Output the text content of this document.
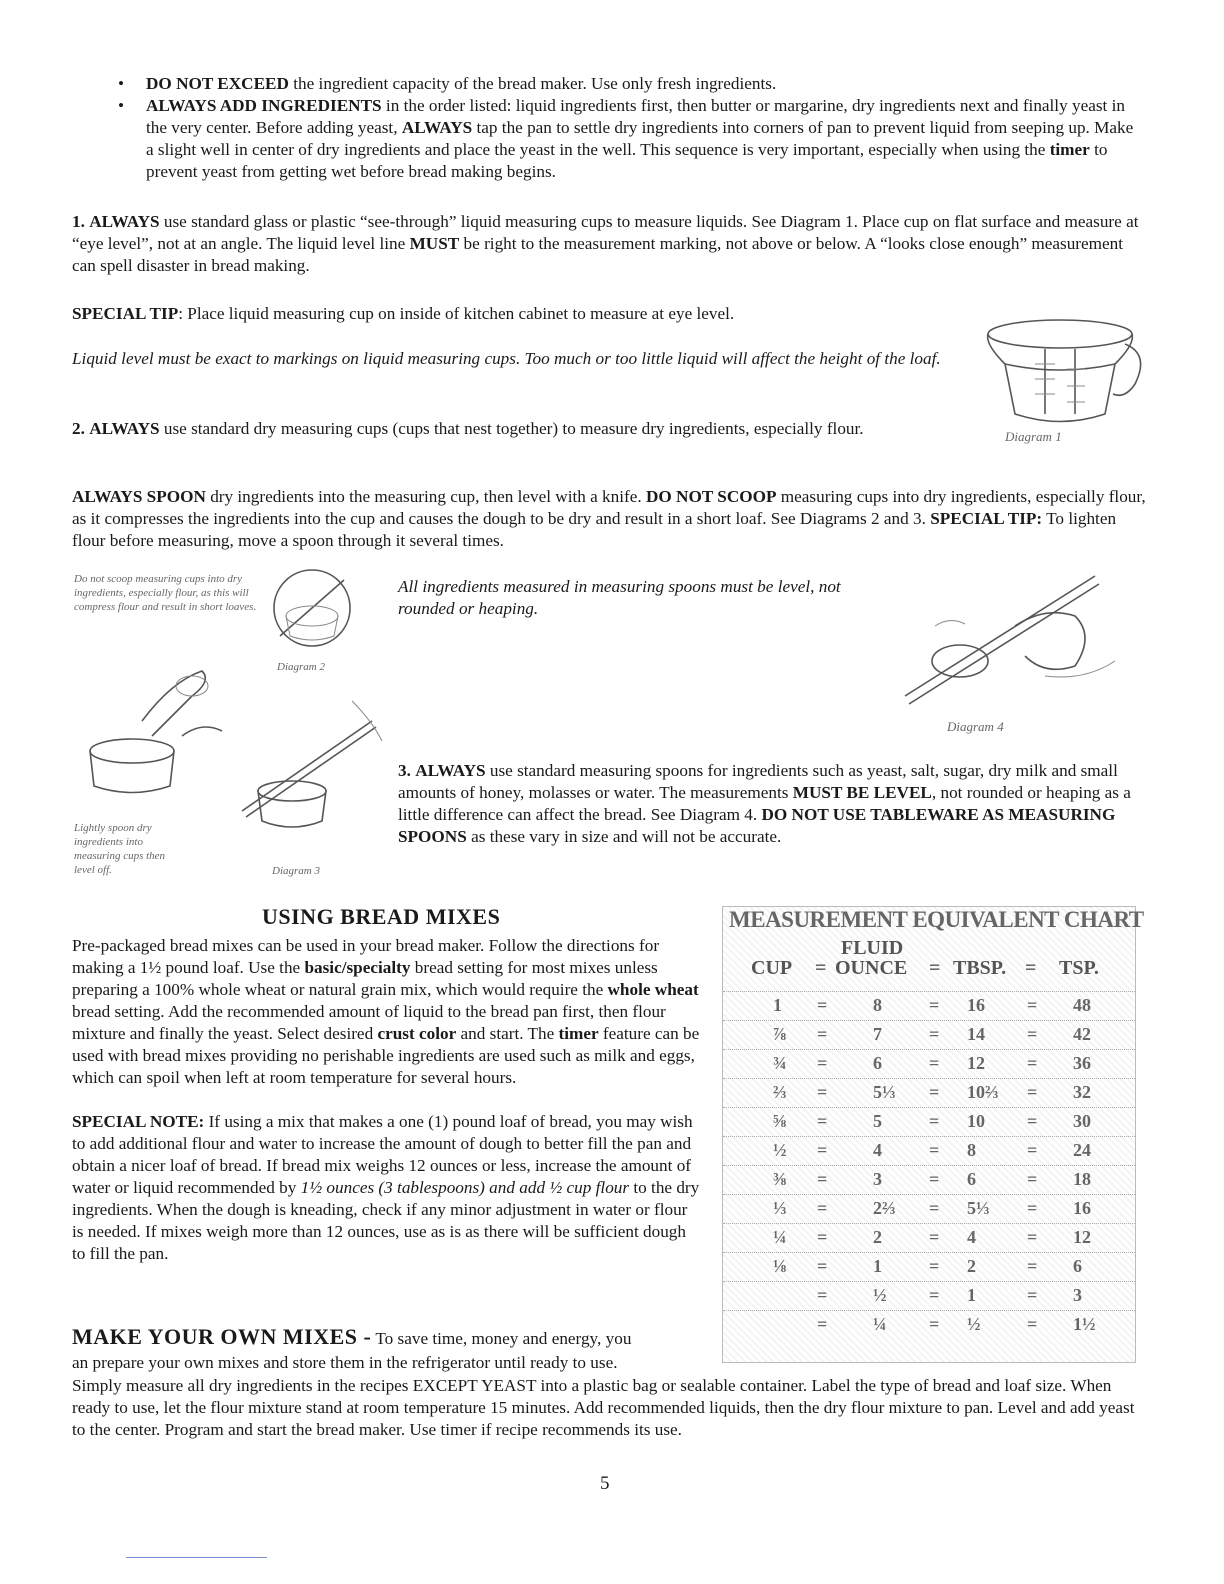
• DO NOT EXCEED the ingredient capacity of the bread maker. Use only fresh ingredients.

• ALWAYS ADD INGREDIENTS in the order listed: liquid ingredients first, then butter or margarine, dry ingredients next and finally yeast in the very center. Before adding yeast, ALWAYS tap the pan to settle dry ingredients into corners of pan to prevent liquid from seeping up. Make a slight well in center of dry ingredients and place the yeast in the well. This sequence is very important, especially when using the timer to prevent yeast from getting wet before bread making begins.

1. ALWAYS use standard glass or plastic “see-through” liquid measuring cups to measure liquids. See Diagram 1. Place cup on flat surface and measure at “eye level”, not at an angle. The liquid level line MUST be right to the measurement marking, not above or below. A “looks close enough” measurement can spell disaster in bread making.

SPECIAL TIP: Place liquid measuring cup on inside of kitchen cabinet to measure at eye level.

Liquid level must be exact to markings on liquid measuring cups. Too much or too little liquid will affect the height of the loaf.

2. ALWAYS use standard dry measuring cups (cups that nest together) to measure dry ingredients, especially flour.	Diagram 1

ALWAYS SPOON dry ingredients into the measuring cup, then level with a knife. DO NOT SCOOP measuring cups into dry ingredients, especially flour, as it compresses the ingredients into the cup and causes the dough to be dry and result in a short loaf. See Diagrams 2 and 3. SPECIAL TIP: To lighten flour before measuring, move a spoon through it several times.

Do not scoop measuring cups into dry ingredients, especially flour, as this will compress flour and result in short loaves.

Diagram 2

Lightly spoon dry ingredients into measuring cups then level off.	Diagram 3

All ingredients measured in measuring spoons must be level, not rounded or heaping.

Diagram 4

3. ALWAYS use standard measuring spoons for ingredients such as yeast, salt, sugar, dry milk and small amounts of honey, molasses or water. The measurements MUST BE LEVEL, not rounded or heaping as a little difference can affect the bread. See Diagram 4. DO NOT USE TABLEWARE AS MEASURING SPOONS as these vary in size and will not be accurate.

USING BREAD MIXES

Pre-packaged bread mixes can be used in your bread maker. Follow the directions for making a 1½ pound loaf. Use the basic/specialty bread setting for most mixes unless preparing a 100% whole wheat or natural grain mix, which would require the whole wheat bread setting. Add the recommended amount of liquid to the bread pan first, then flour mixture and finally the yeast. Select desired crust color and start. The timer feature can be used with bread mixes providing no perishable ingredients are used such as milk and eggs, which can spoil when left at room temperature for several hours.

SPECIAL NOTE: If using a mix that makes a one (1) pound loaf of bread, you may wish to add additional flour and water to increase the amount of dough to better fill the pan and obtain a nicer loaf of bread. If bread mix weighs 12 ounces or less, increase the amount of water or liquid recommended by 1½ ounces (3 tablespoons) and add ½ cup flour to the dry ingredients. When the dough is kneading, check if any minor adjustment in water or flour is needed. If mixes weigh more than 12 ounces, use as is as there will be sufficient dough to fill the pan.

MAKE YOUR OWN MIXES - To save time, money and energy, you

an prepare your own mixes and store them in the refrigerator until ready to use.

Simply measure all dry ingredients in the recipes EXCEPT YEAST into a plastic bag or sealable container. Label the type of bread and loaf size. When ready to use, let the flour mixture stand at room temperature 15 minutes. Add recommended liquids, then the dry flour mixture to pan. Level and add yeast to the center. Program and start the bread maker. Use timer if recipe recommends its use.

MEASUREMENT EQUIVALENT CHART
FLUID
CUP = OUNCE = TBSP. = TSP.
1 =	8	= 16 = 48
⅞ =	7	= 14 = 42
¾ =	6	= 12 = 36
⅔ =	5⅓ = 10⅔ = 32
⅝ =	5	= 10 = 30
½ =	4	= 8	= 24
⅜ =	3	= 6	= 18
⅓ =	2⅔ = 5⅓ = 16
¼ =	2	= 4	= 12
⅛ =	1	= 2	= 6
=	½ = 1	= 3
=	¼ = ½	= 1½
5
